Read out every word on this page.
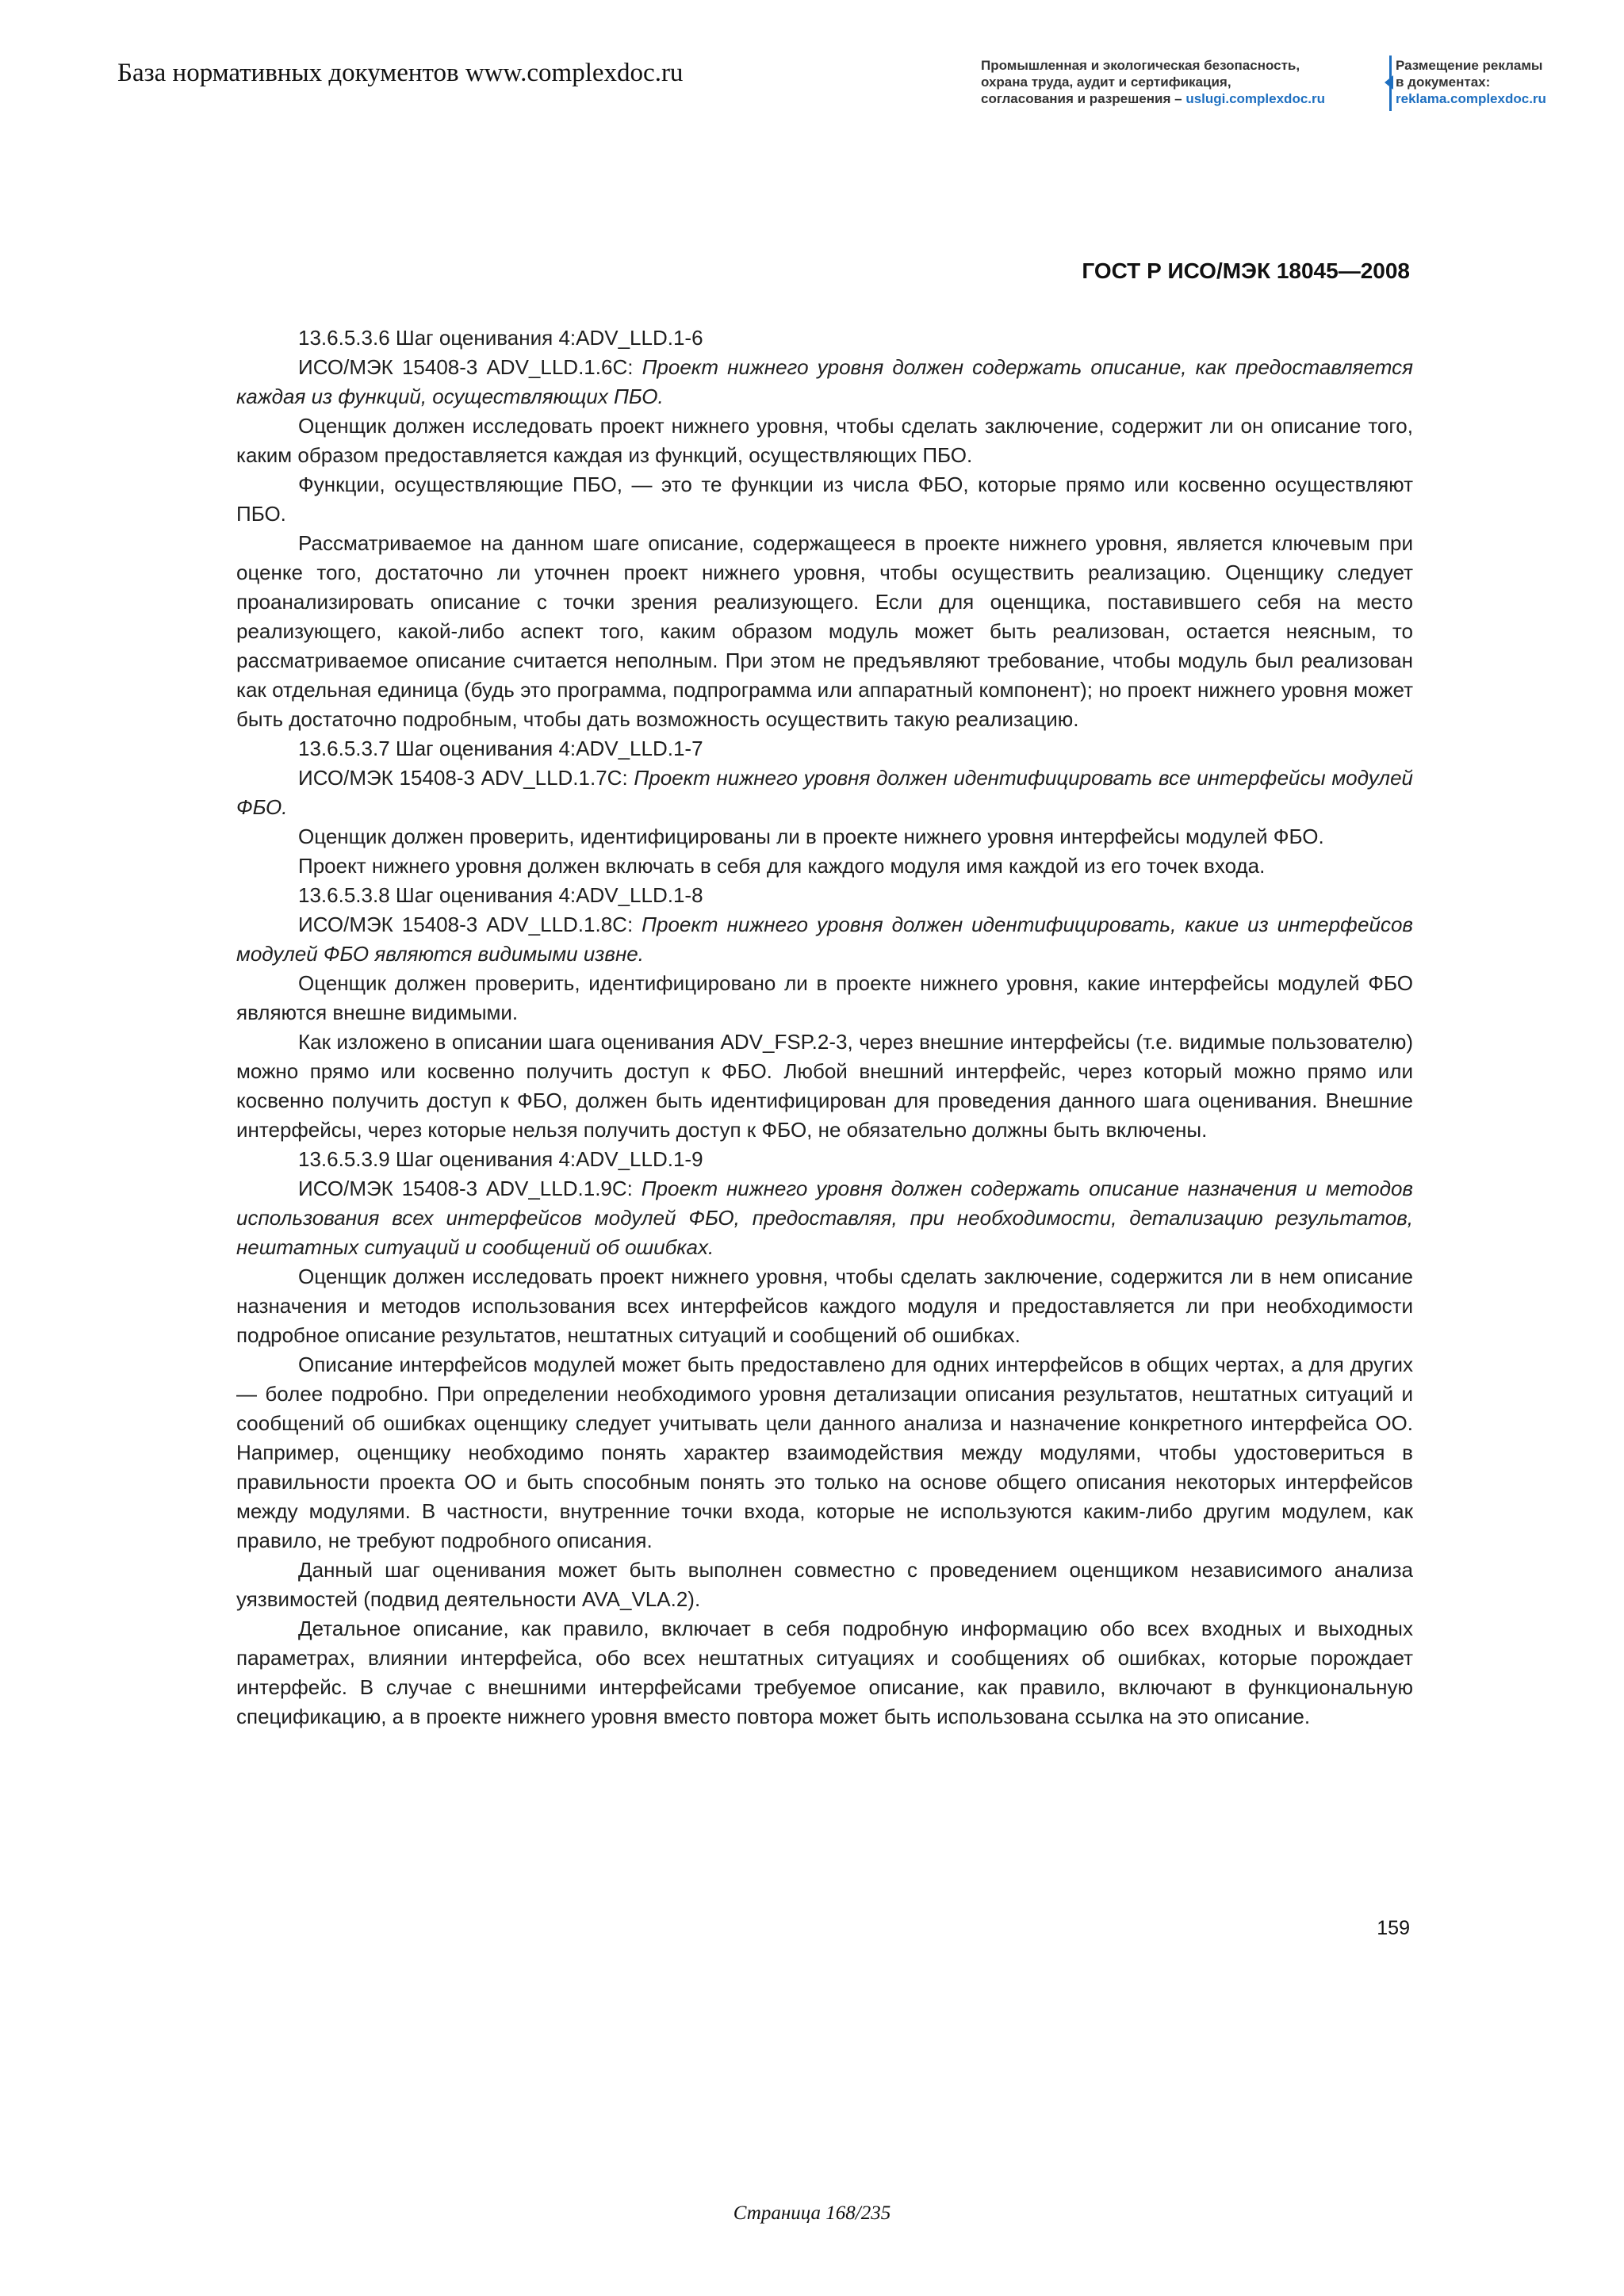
База нормативных документов www.complexdoc.ru	Промышленная и экологическая безопасность,
охрана труда, аудит и сертификация,
согласования и разрешения – uslugi.complexdoc.ru
Размещение рекламы
в документах:
reklama.complexdoc.ru
ГОСТ Р ИСО/МЭК 18045—2008

13.6.5.3.6 Шаг оценивания 4:ADV_LLD.1-6

ИСО/МЭК 15408-3 ADV_LLD.1.6С: Проект нижнего уровня должен содержать описание, как предоставляется каждая из функций, осуществляющих ПБО.

Оценщик должен исследовать проект нижнего уровня, чтобы сделать заключение, содержит ли он описание того, каким образом предоставляется каждая из функций, осуществляющих ПБО.

Функции, осуществляющие ПБО, — это те функции из числа ФБО, которые прямо или косвенно осуществляют ПБО.

Рассматриваемое на данном шаге описание, содержащееся в проекте нижнего уровня, является ключевым при оценке того, достаточно ли уточнен проект нижнего уровня, чтобы осуществить реализацию. Оценщику следует проанализировать описание с точки зрения реализующего. Если для оценщика, поставившего себя на место реализующего, какой-либо аспект того, каким образом модуль может быть реализован, остается неясным, то рассматриваемое описание считается неполным. При этом не предъявляют требование, чтобы модуль был реализован как отдельная единица (будь это программа, подпрограмма или аппаратный компонент); но проект нижнего уровня может быть достаточно подробным, чтобы дать возможность осуществить такую реализацию.

13.6.5.3.7 Шаг оценивания 4:ADV_LLD.1-7

ИСО/МЭК 15408-3 ADV_LLD.1.7С: Проект нижнего уровня должен идентифицировать все интерфейсы модулей ФБО.

Оценщик должен проверить, идентифицированы ли в проекте нижнего уровня интерфейсы модулей ФБО.

Проект нижнего уровня должен включать в себя для каждого модуля имя каждой из его точек входа.

13.6.5.3.8 Шаг оценивания 4:ADV_LLD.1-8

ИСО/МЭК 15408-3 ADV_LLD.1.8С: Проект нижнего уровня должен идентифицировать, какие из интерфейсов модулей ФБО являются видимыми извне.

Оценщик должен проверить, идентифицировано ли в проекте нижнего уровня, какие интерфейсы модулей ФБО являются внешне видимыми.

Как изложено в описании шага оценивания ADV_FSP.2-3, через внешние интерфейсы (т.е. видимые пользователю) можно прямо или косвенно получить доступ к ФБО. Любой внешний интерфейс, через который можно прямо или косвенно получить доступ к ФБО, должен быть идентифицирован для проведения данного шага оценивания. Внешние интерфейсы, через которые нельзя получить доступ к ФБО, не обязательно должны быть включены.

13.6.5.3.9 Шаг оценивания 4:ADV_LLD.1-9

ИСО/МЭК 15408-3 ADV_LLD.1.9С: Проект нижнего уровня должен содержать описание назначения и методов использования всех интерфейсов модулей ФБО, предоставляя, при необходимости, детализацию результатов, нештатных ситуаций и сообщений об ошибках.

Оценщик должен исследовать проект нижнего уровня, чтобы сделать заключение, содержится ли в нем описание назначения и методов использования всех интерфейсов каждого модуля и предоставляется ли при необходимости подробное описание результатов, нештатных ситуаций и сообщений об ошибках.

Описание интерфейсов модулей может быть предоставлено для одних интерфейсов в общих чертах, а для других — более подробно. При определении необходимого уровня детализации описания результатов, нештатных ситуаций и сообщений об ошибках оценщику следует учитывать цели данного анализа и назначение конкретного интерфейса ОО. Например, оценщику необходимо понять характер взаимодействия между модулями, чтобы удостовериться в правильности проекта ОО и быть способным понять это только на основе общего описания некоторых интерфейсов между модулями. В частности, внутренние точки входа, которые не используются каким-либо другим модулем, как правило, не требуют подробного описания.

Данный шаг оценивания может быть выполнен совместно с проведением оценщиком независимого анализа уязвимостей (подвид деятельности AVA_VLA.2).

Детальное описание, как правило, включает в себя подробную информацию обо всех входных и выходных параметрах, влиянии интерфейса, обо всех нештатных ситуациях и сообщениях об ошибках, которые порождает интерфейс. В случае с внешними интерфейсами требуемое описание, как правило, включают в функциональную спецификацию, а в проекте нижнего уровня вместо повтора может быть использована ссылка на это описание.

159
Страница 168/235
